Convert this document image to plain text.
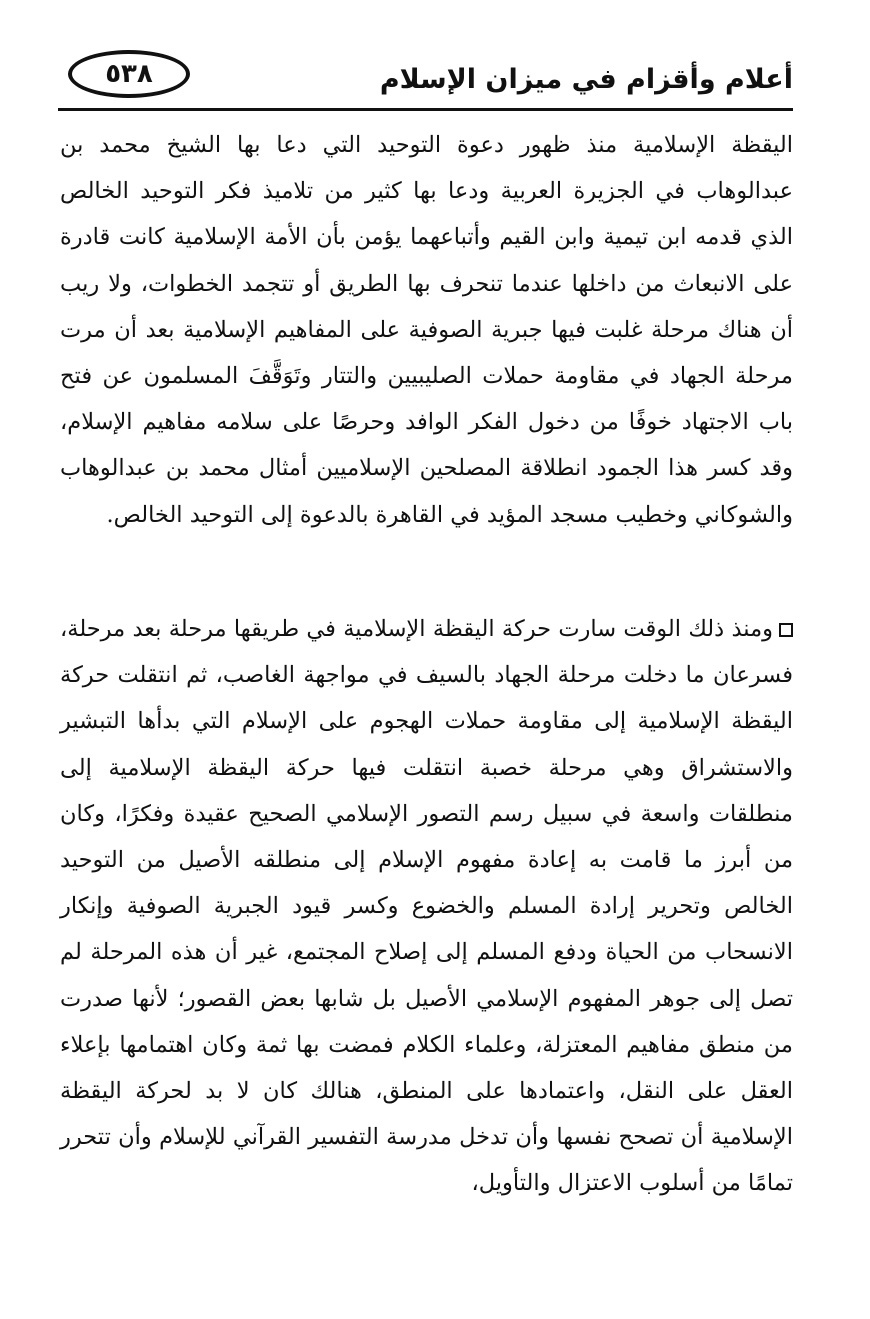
٥٣٨	أعلام وأقزام في ميزان الإسلام
اليقظة الإسلامية منذ ظهور دعوة التوحيد التي دعا بها الشيخ محمد بن عبدالوهاب في الجزيرة العربية ودعا بها كثير من تلاميذ فكر التوحيد الخالص الذي قدمه ابن تيمية وابن القيم وأتباعهما يؤمن بأن الأمة الإسلامية كانت قادرة على الانبعاث من داخلها عندما تنحرف بها الطريق أو تتجمد الخطوات، ولا ريب أن هناك مرحلة غلبت فيها جبرية الصوفية على المفاهيم الإسلامية بعد أن مرت مرحلة الجهاد في مقاومة حملات الصليبيين والتتار وتَوَقَّفَ المسلمون عن فتح باب الاجتهاد خوفًا من دخول الفكر الوافد وحرصًا على سلامه مفاهيم الإسلام، وقد كسر هذا الجمود انطلاقة المصلحين الإسلاميين أمثال محمد بن عبدالوهاب والشوكاني وخطيب مسجد المؤيد في القاهرة بالدعوة إلى التوحيد الخالص.
ومنذ ذلك الوقت سارت حركة اليقظة الإسلامية في طريقها مرحلة بعد مرحلة، فسرعان ما دخلت مرحلة الجهاد بالسيف في مواجهة الغاصب، ثم انتقلت حركة اليقظة الإسلامية إلى مقاومة حملات الهجوم على الإسلام التي بدأها التبشير والاستشراق وهي مرحلة خصبة انتقلت فيها حركة اليقظة الإسلامية إلى منطلقات واسعة في سبيل رسم التصور الإسلامي الصحيح عقيدة وفكرًا، وكان من أبرز ما قامت به إعادة مفهوم الإسلام إلى منطلقه الأصيل من التوحيد الخالص وتحرير إرادة المسلم والخضوع وكسر قيود الجبرية الصوفية وإنكار الانسحاب من الحياة ودفع المسلم إلى إصلاح المجتمع، غير أن هذه المرحلة لم تصل إلى جوهر المفهوم الإسلامي الأصيل بل شابها بعض القصور؛ لأنها صدرت من منطق مفاهيم المعتزلة، وعلماء الكلام فمضت بها ثمة وكان اهتمامها بإعلاء العقل على النقل، واعتمادها على المنطق، هنالك كان لا بد لحركة اليقظة الإسلامية أن تصحح نفسها وأن تدخل مدرسة التفسير القرآني للإسلام وأن تتحرر تمامًا من أسلوب الاعتزال والتأويل،
